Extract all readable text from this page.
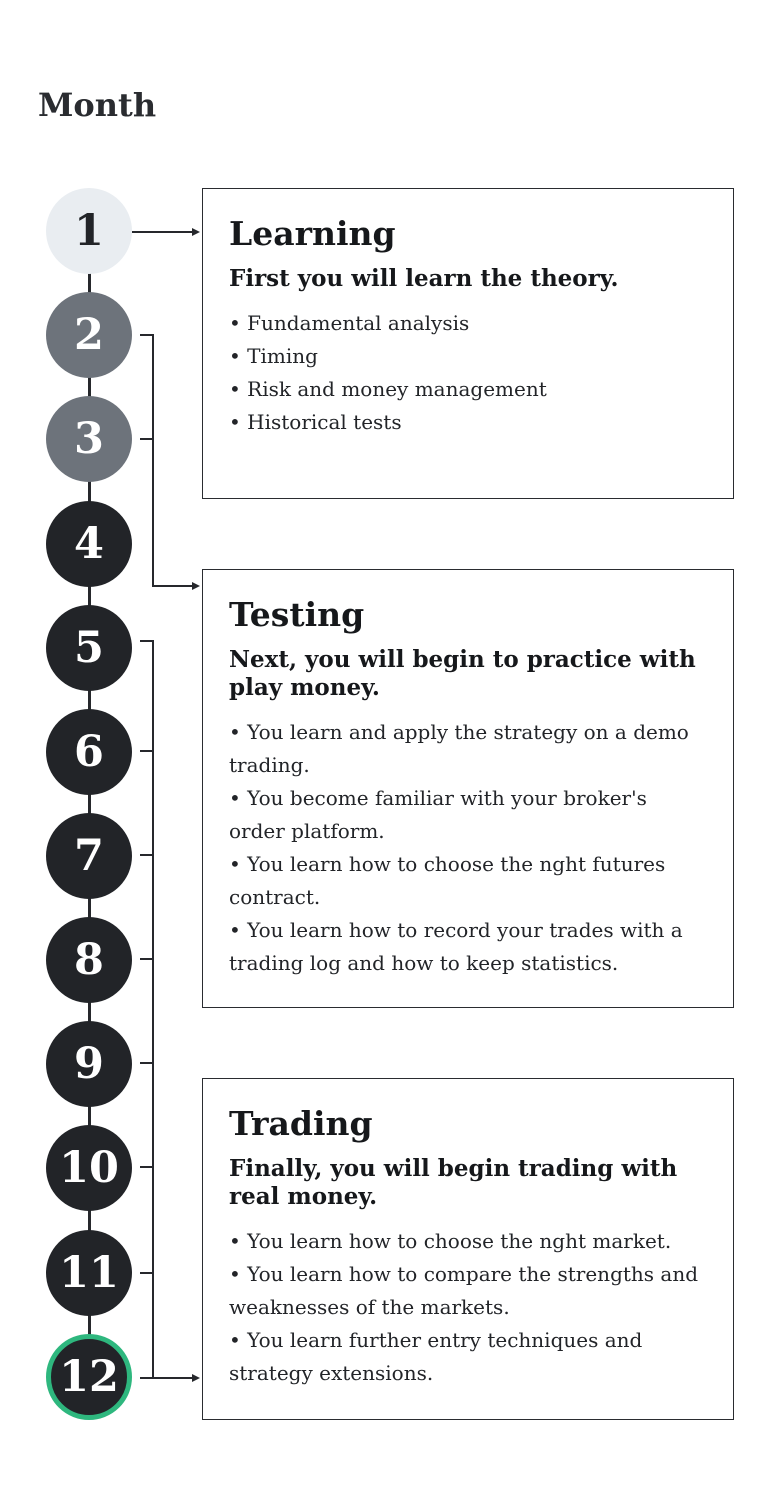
Month
1
2
3
4
5
6
7
8
9
10
11
12
Learning
First you will learn the theory.
• Fundamental analysis
• Timing
• Risk and money management
• Historical tests
Testing
Next, you will begin to practice with play money.
• You learn and apply the strategy on a demo trading.
• You become familiar with your broker's order platform.
• You learn how to choose the nght futures contract.
• You learn how to record your trades with a trading log and how to keep statistics.
Trading
Finally, you will begin trading with real money.
• You learn how to choose the nght market.
• You learn how to compare the strengths and weaknesses of the markets.
• You learn further entry techniques and strategy extensions.
